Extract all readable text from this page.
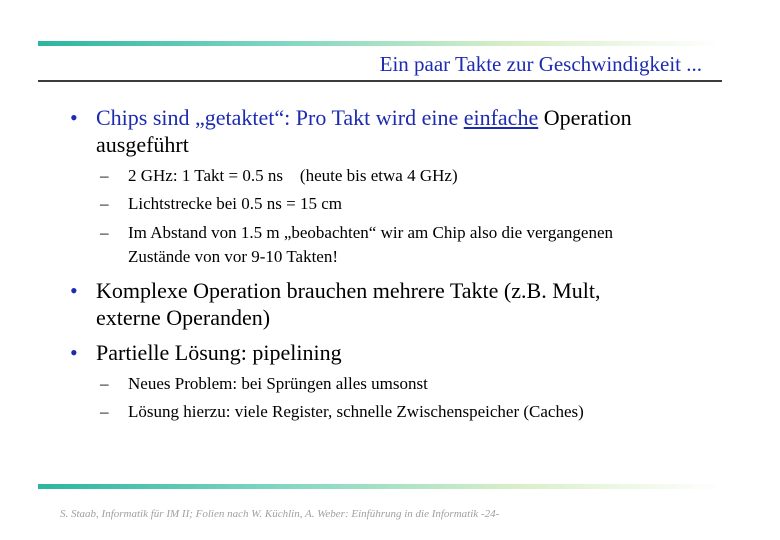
Ein paar Takte zur Geschwindigkeit ...
• Chips sind „getaktet“: Pro Takt wird eine einfache Operation
ausgeführt
– 2 GHz: 1 Takt = 0.5 ns    (heute bis etwa 4 GHz)
– Lichtstrecke bei 0.5 ns = 15 cm
– Im Abstand von 1.5 m „beobachten“ wir am Chip also die vergangenen
Zustände von vor 9-10 Takten!
• Komplexe Operation brauchen mehrere Takte (z.B. Mult,
externe Operanden)
• Partielle Lösung: pipelining
– Neues Problem: bei Sprüngen alles umsonst
– Lösung hierzu: viele Register, schnelle Zwischenspeicher (Caches)
S. Staab, Informatik für IM II; Folien nach W. Küchlin, A. Weber: Einführung in die Informatik -24-
